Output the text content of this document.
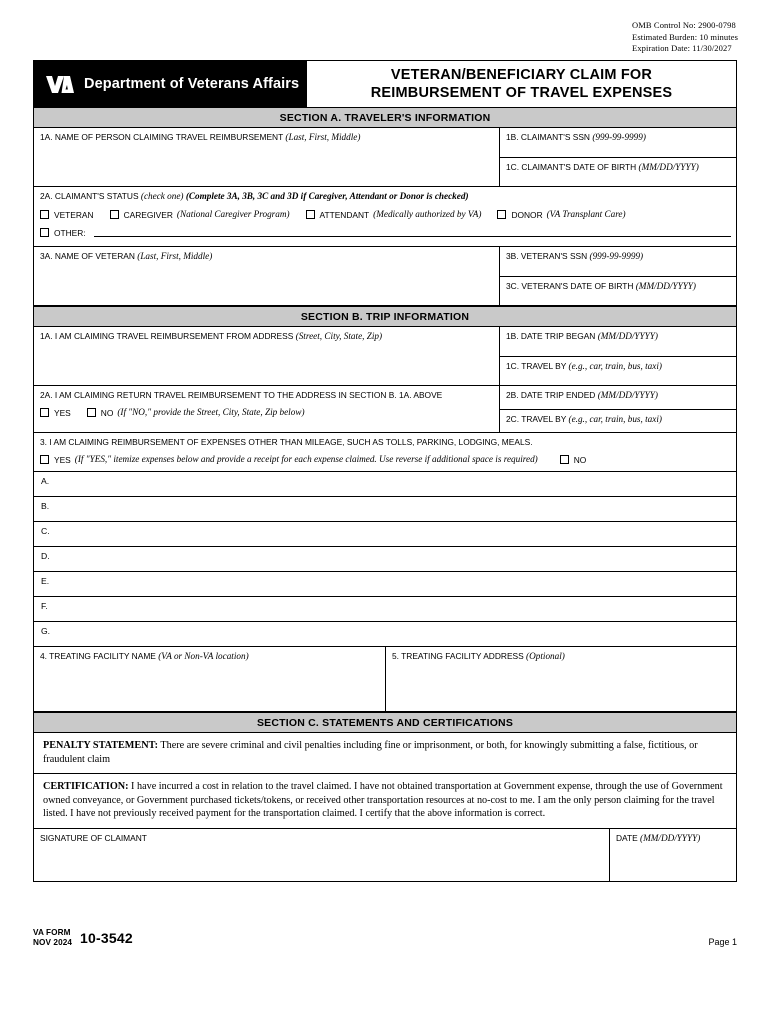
OMB Control No: 2900-0798
Estimated Burden: 10 minutes
Expiration Date: 11/30/2027
Department of Veterans Affairs
VETERAN/BENEFICIARY CLAIM FOR
REIMBURSEMENT OF TRAVEL EXPENSES
SECTION A. TRAVELER'S INFORMATION
1A. NAME OF PERSON CLAIMING TRAVEL REIMBURSEMENT (Last, First, Middle)	1B. CLAIMANT'S SSN (999-99-9999)
1C. CLAIMANT'S DATE OF BIRTH (MM/DD/YYYY)
2A. CLAIMANT'S STATUS (check one) (Complete 3A, 3B, 3C and 3D if Caregiver, Attendant or Donor is checked)
VETERAN	CAREGIVER (National Caregiver Program)	ATTENDANT (Medically authorized by VA)	DONOR (VA Transplant Care)
OTHER:
3A. NAME OF VETERAN (Last, First, Middle)	3B. VETERAN'S SSN (999-99-9999)
3C. VETERAN'S DATE OF BIRTH (MM/DD/YYYY)
SECTION B. TRIP INFORMATION
1A. I AM CLAIMING TRAVEL REIMBURSEMENT FROM ADDRESS (Street, City, State, Zip)	1B. DATE TRIP BEGAN (MM/DD/YYYY)
1C. TRAVEL BY (e.g., car, train, bus, taxi)
2A. I AM CLAIMING RETURN TRAVEL REIMBURSEMENT TO THE ADDRESS IN SECTION B. 1A. ABOVE
YES	NO (If "NO," provide the Street, City, State, Zip below)
2B. DATE TRIP ENDED (MM/DD/YYYY)
2C. TRAVEL BY (e.g., car, train, bus, taxi)
3. I AM CLAIMING REIMBURSEMENT OF EXPENSES OTHER THAN MILEAGE, SUCH AS TOLLS, PARKING, LODGING, MEALS.
YES (If "YES," itemize expenses below and provide a receipt for each expense claimed. Use reverse if additional space is required)	NO
A.
B.
C.
D.
E.
F.
G.
4. TREATING FACILITY NAME (VA or Non-VA location)	5. TREATING FACILITY ADDRESS (Optional)
SECTION C. STATEMENTS AND CERTIFICATIONS
PENALTY STATEMENT: There are severe criminal and civil penalties including fine or imprisonment, or both, for knowingly submitting a false, fictitious, or fraudulent claim
CERTIFICATION: I have incurred a cost in relation to the travel claimed. I have not obtained transportation at Government expense, through the use of Government owned conveyance, or Government purchased tickets/tokens, or received other transportation resources at no-cost to me. I am the only person claiming for the travel listed. I have not previously received payment for the transportation claimed. I certify that the above information is correct.
SIGNATURE OF CLAIMANT	DATE (MM/DD/YYYY)
VA FORM
NOV 2024 10-3542	Page 1
